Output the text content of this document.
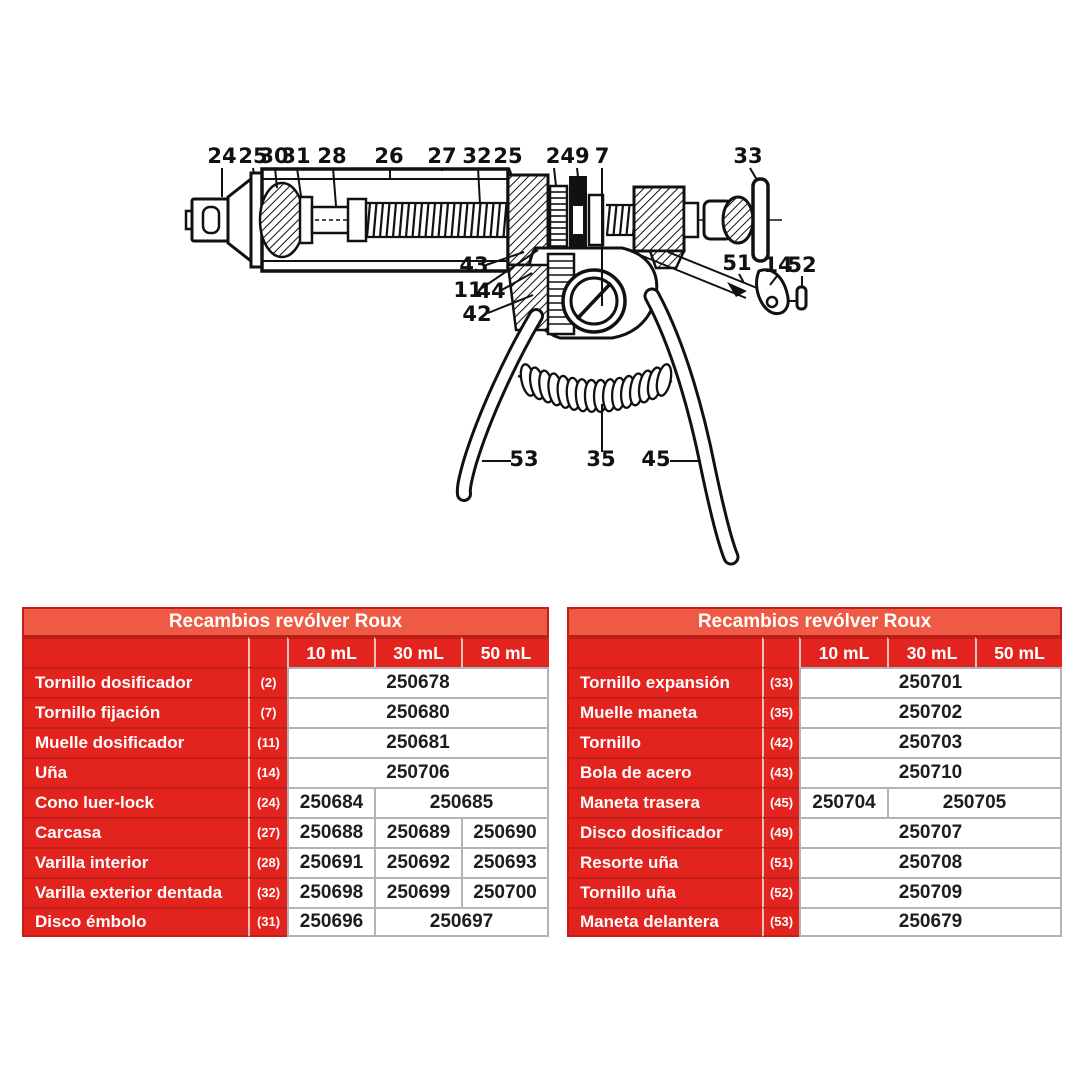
24 25
30
31 28 26 27 32 25 2 49 7	33
43
11
44
42
51 14
52
53 35 45
Recambios revólver Roux				
		10 mL	30 mL	50 mL
Tornillo dosificador	(2)	250678		
Tornillo fijación	(7)	250680		
Muelle dosificador	(11)	250681		
Uña	(14)	250706		
Cono luer-lock	(24)	250684	250685	
Carcasa	(27)	250688	250689	250690
Varilla interior	(28)	250691	250692	250693
Varilla exterior dentada	(32)	250698	250699	250700
Disco émbolo	(31)	250696	250697	
Recambios revólver Roux				
		10 mL	30 mL	50 mL
Tornillo expansión	(33)	250701		
Muelle maneta	(35)	250702		
Tornillo	(42)	250703		
Bola de acero	(43)	250710		
Maneta trasera	(45)	250704	250705	
Disco dosificador	(49)	250707		
Resorte uña	(51)	250708		
Tornillo uña	(52)	250709		
Maneta delantera	(53)	250679		
